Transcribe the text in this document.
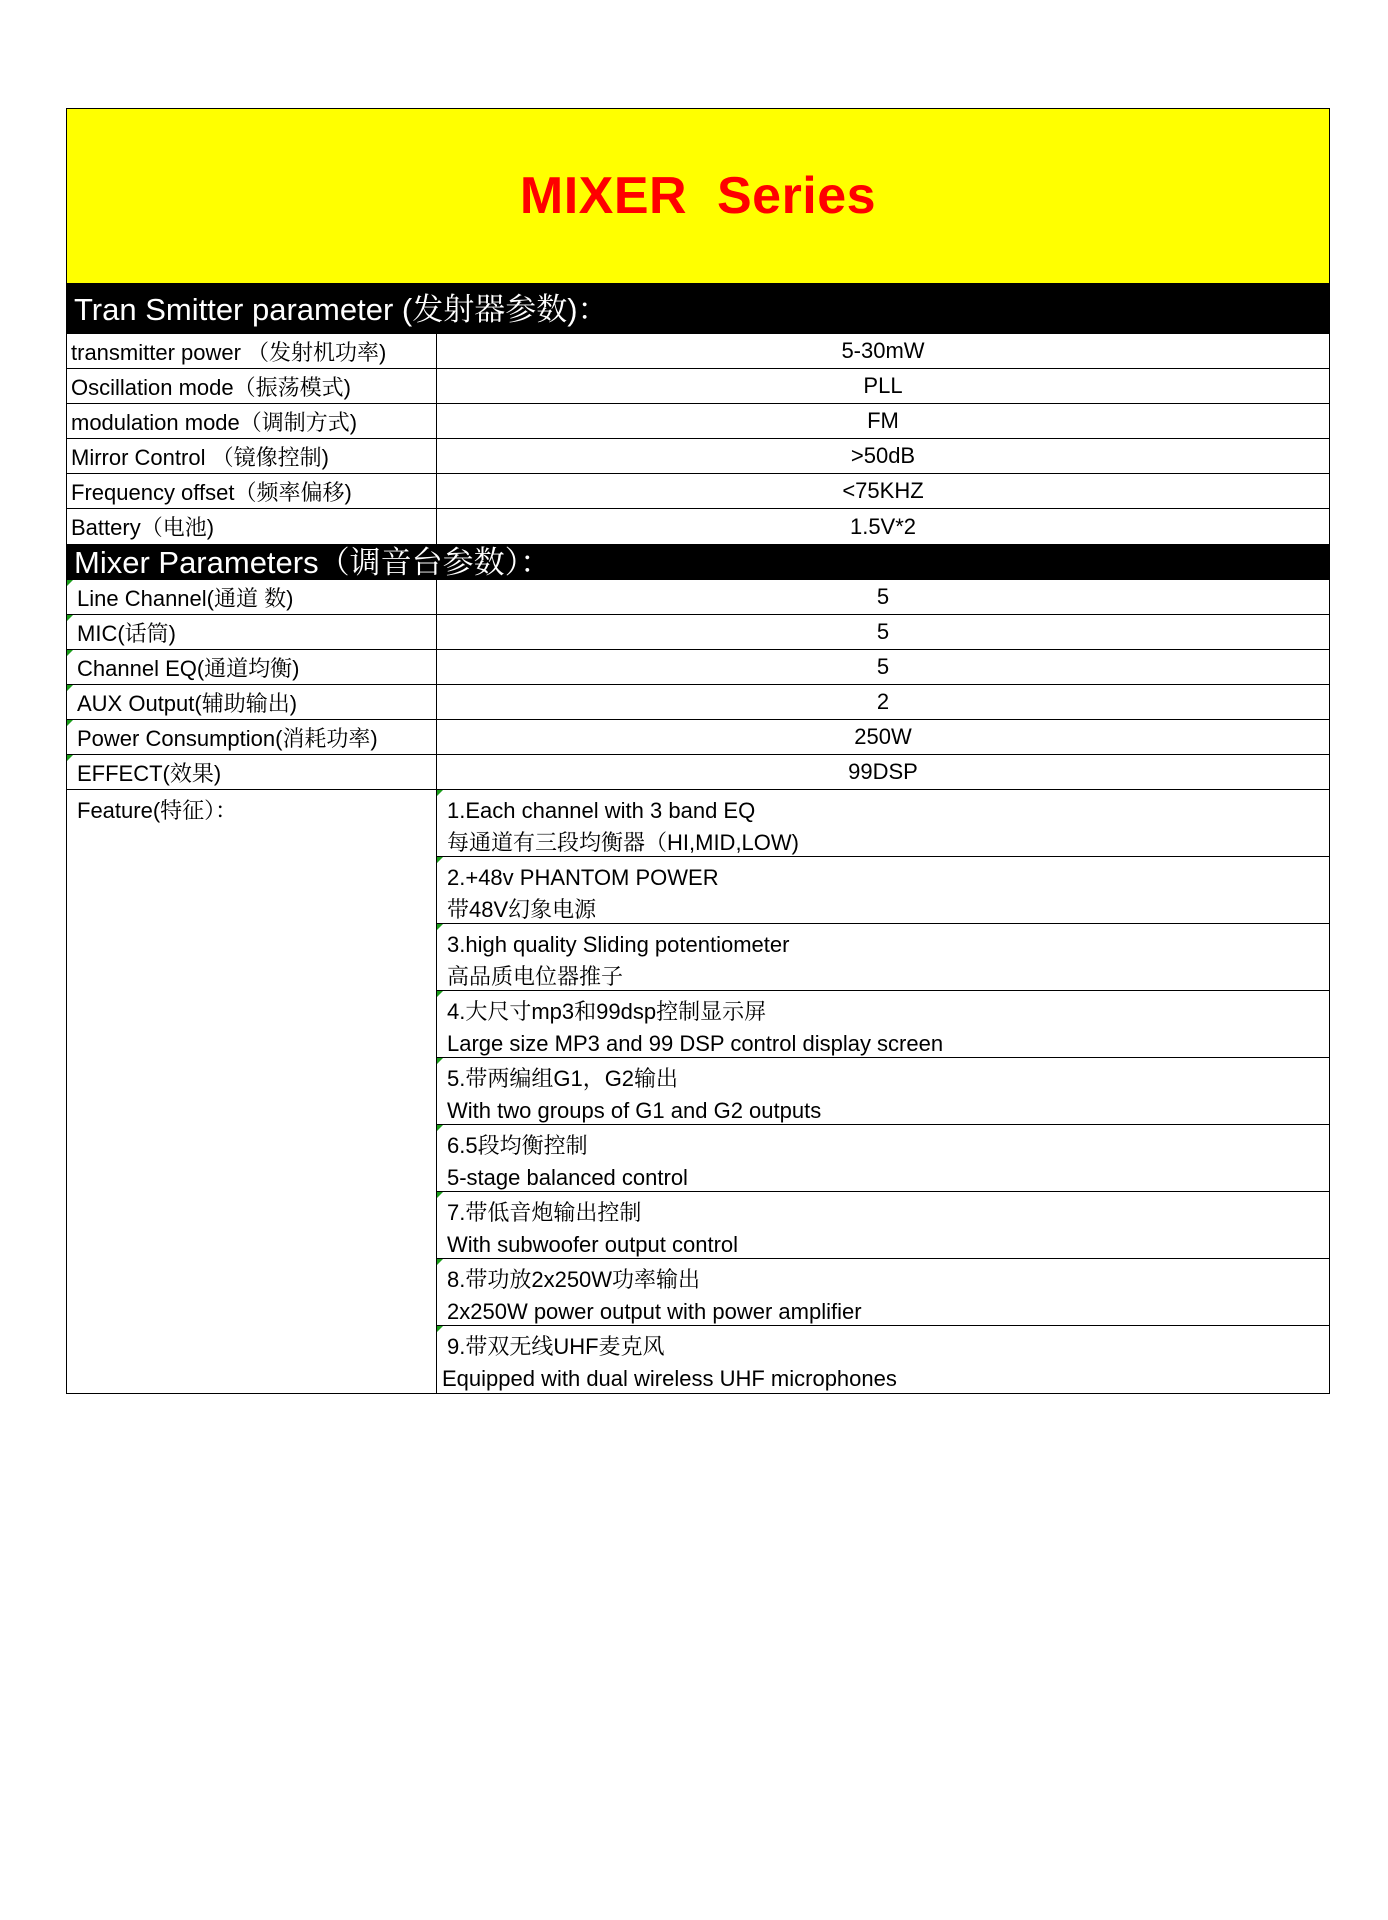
MIXER  Series
Tran Smitter parameter (发射器参数)：
transmitter power （发射机功率)	5-30mW
Oscillation mode（振荡模式)	PLL
modulation mode（调制方式)	FM
Mirror Control （镜像控制)	>50dB
Frequency offset（频率偏移)	<75KHZ
Battery（电池)	1.5V*2
Mixer Parameters（调音台参数）：
Line Channel(通道 数)	5
MIC(话筒)	5
Channel EQ(通道均衡)	5
AUX Output(辅助输出)	2
Power Consumption(消耗功率)	250W
EFFECT(效果)	99DSP
Feature(特征）：	1.Each channel with 3 band EQ
每通道有三段均衡器（HI,MID,LOW)
2.+48v PHANTOM POWER
带48V幻象电源
3.high quality Sliding potentiometer
高品质电位器推子
4.大尺寸mp3和99dsp控制显示屏
Large size MP3 and 99 DSP control display screen
5.带两编组G1，G2输出
With two groups of G1 and G2 outputs
6.5段均衡控制
5-stage balanced control
7.带低音炮输出控制
With subwoofer output control
8.带功放2x250W功率输出
2x250W power output with power amplifier
9.带双无线UHF麦克风
Equipped with dual wireless UHF microphones
